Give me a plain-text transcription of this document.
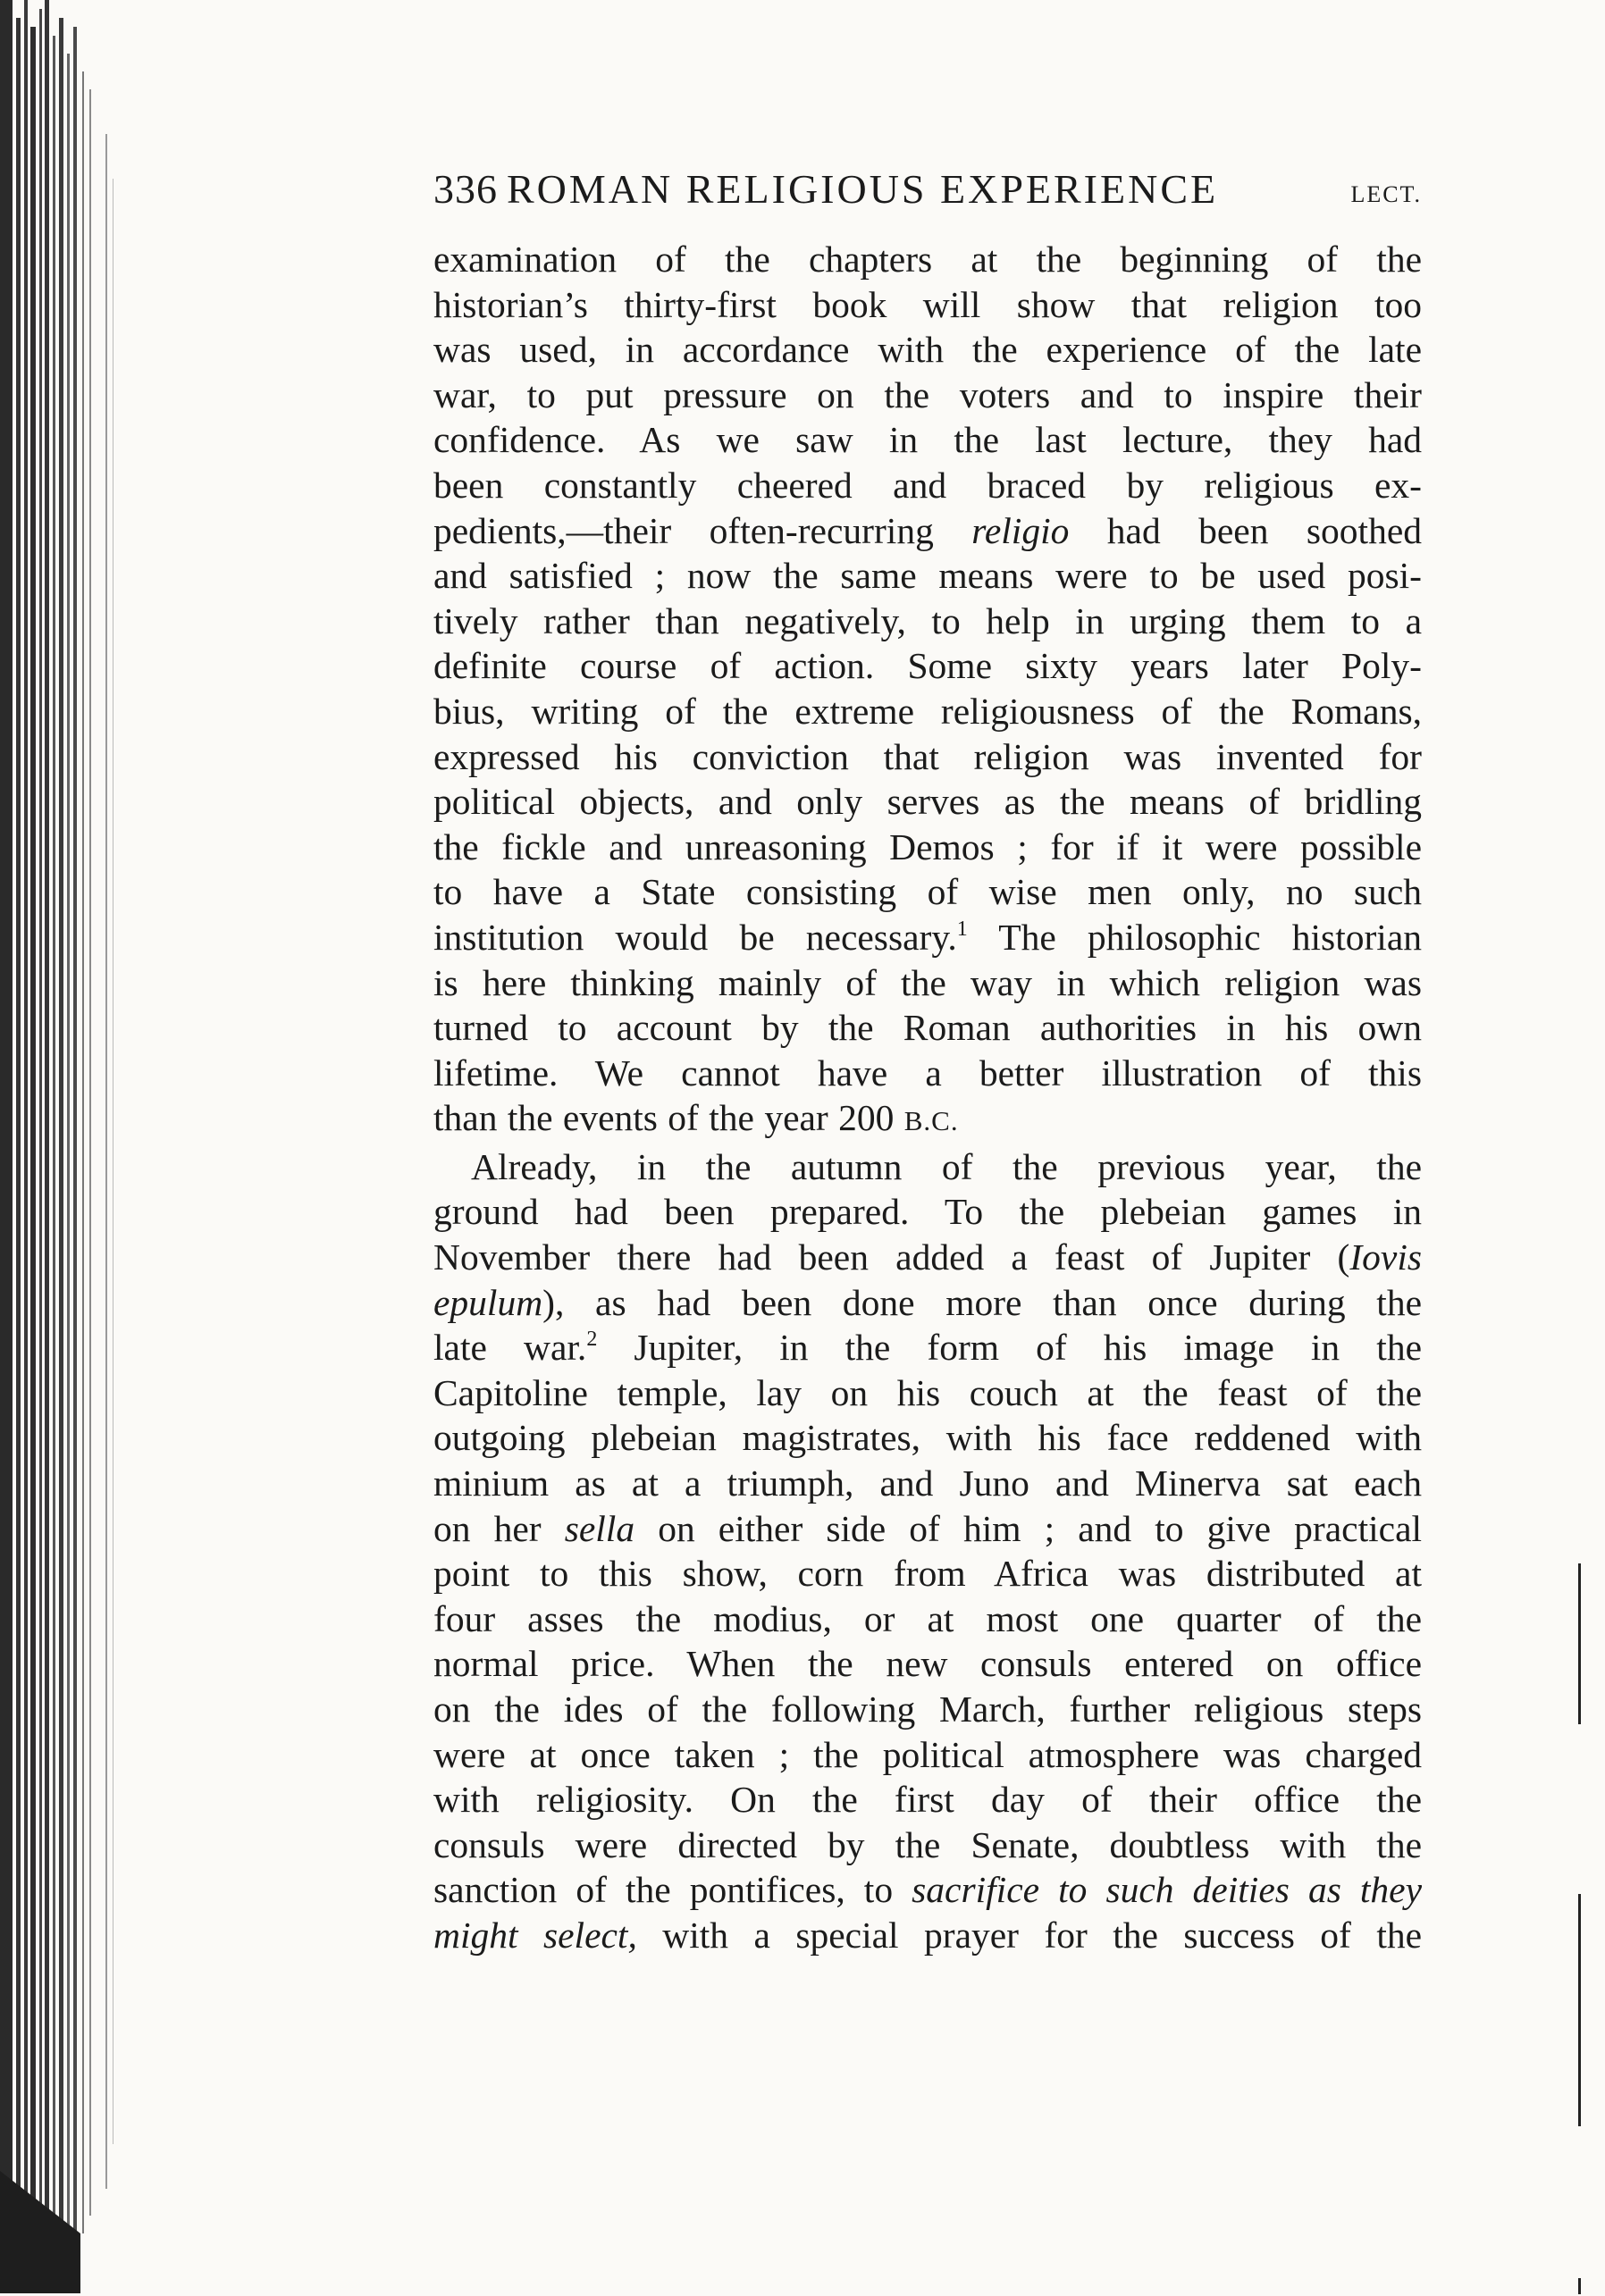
336 ROMAN RELIGIOUS EXPERIENCE	LECT.

examination of the chapters at the beginning of the
historian’s thirty-first book will show that religion too
was used, in accordance with the experience of the late
war, to put pressure on the voters and to inspire their
confidence. As we saw in the last lecture, they had
been constantly cheered and braced by religious ex-
pedients,—their often-recurring religio had been soothed
and satisfied ; now the same means were to be used posi-
tively rather than negatively, to help in urging them to a
definite course of action. Some sixty years later Poly-
bius, writing of the extreme religiousness of the Romans,
expressed his conviction that religion was invented for
political objects, and only serves as the means of bridling
the fickle and unreasoning Demos ; for if it were possible
to have a State consisting of wise men only, no such
institution would be necessary.$^1$ The philosophic historian
is here thinking mainly of the way in which religion was
turned to account by the Roman authorities in his own
lifetime. We cannot have a better illustration of this
than the events of the year 200 B.C.

Already, in the autumn of the previous year, the
ground had been prepared. To the plebeian games in
November there had been added a feast of Jupiter (Iovis
epulum), as had been done more than once during the
late war.$^2$ Jupiter, in the form of his image in the
Capitoline temple, lay on his couch at the feast of the
outgoing plebeian magistrates, with his face reddened with
minium as at a triumph, and Juno and Minerva sat each
on her sella on either side of him ; and to give practical
point to this show, corn from Africa was distributed at
four asses the modius, or at most one quarter of the
normal price. When the new consuls entered on office
on the ides of the following March, further religious steps
were at once taken ; the political atmosphere was charged
with religiosity. On the first day of their office the
consuls were directed by the Senate, doubtless with the
sanction of the pontifices, to sacrifice to such deities as they
might select, with a special prayer for the success of the
